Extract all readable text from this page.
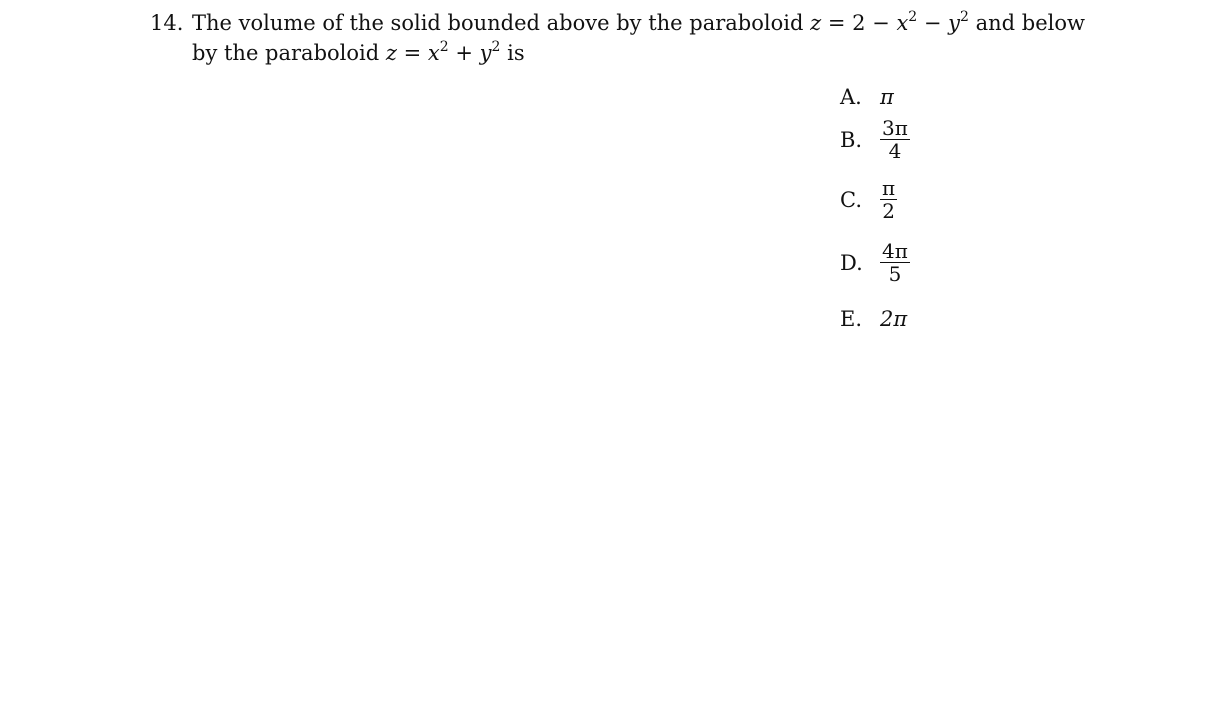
14. The volume of the solid bounded above by the paraboloid $z = 2 - x^2 - y^2$ and below
by the paraboloid $z = x^2 + y^2$ is
A. π
B. $\frac{3\pi}{4}$
C. $\frac{\pi}{2}$
D. $\frac{4\pi}{5}$
E. 2π
